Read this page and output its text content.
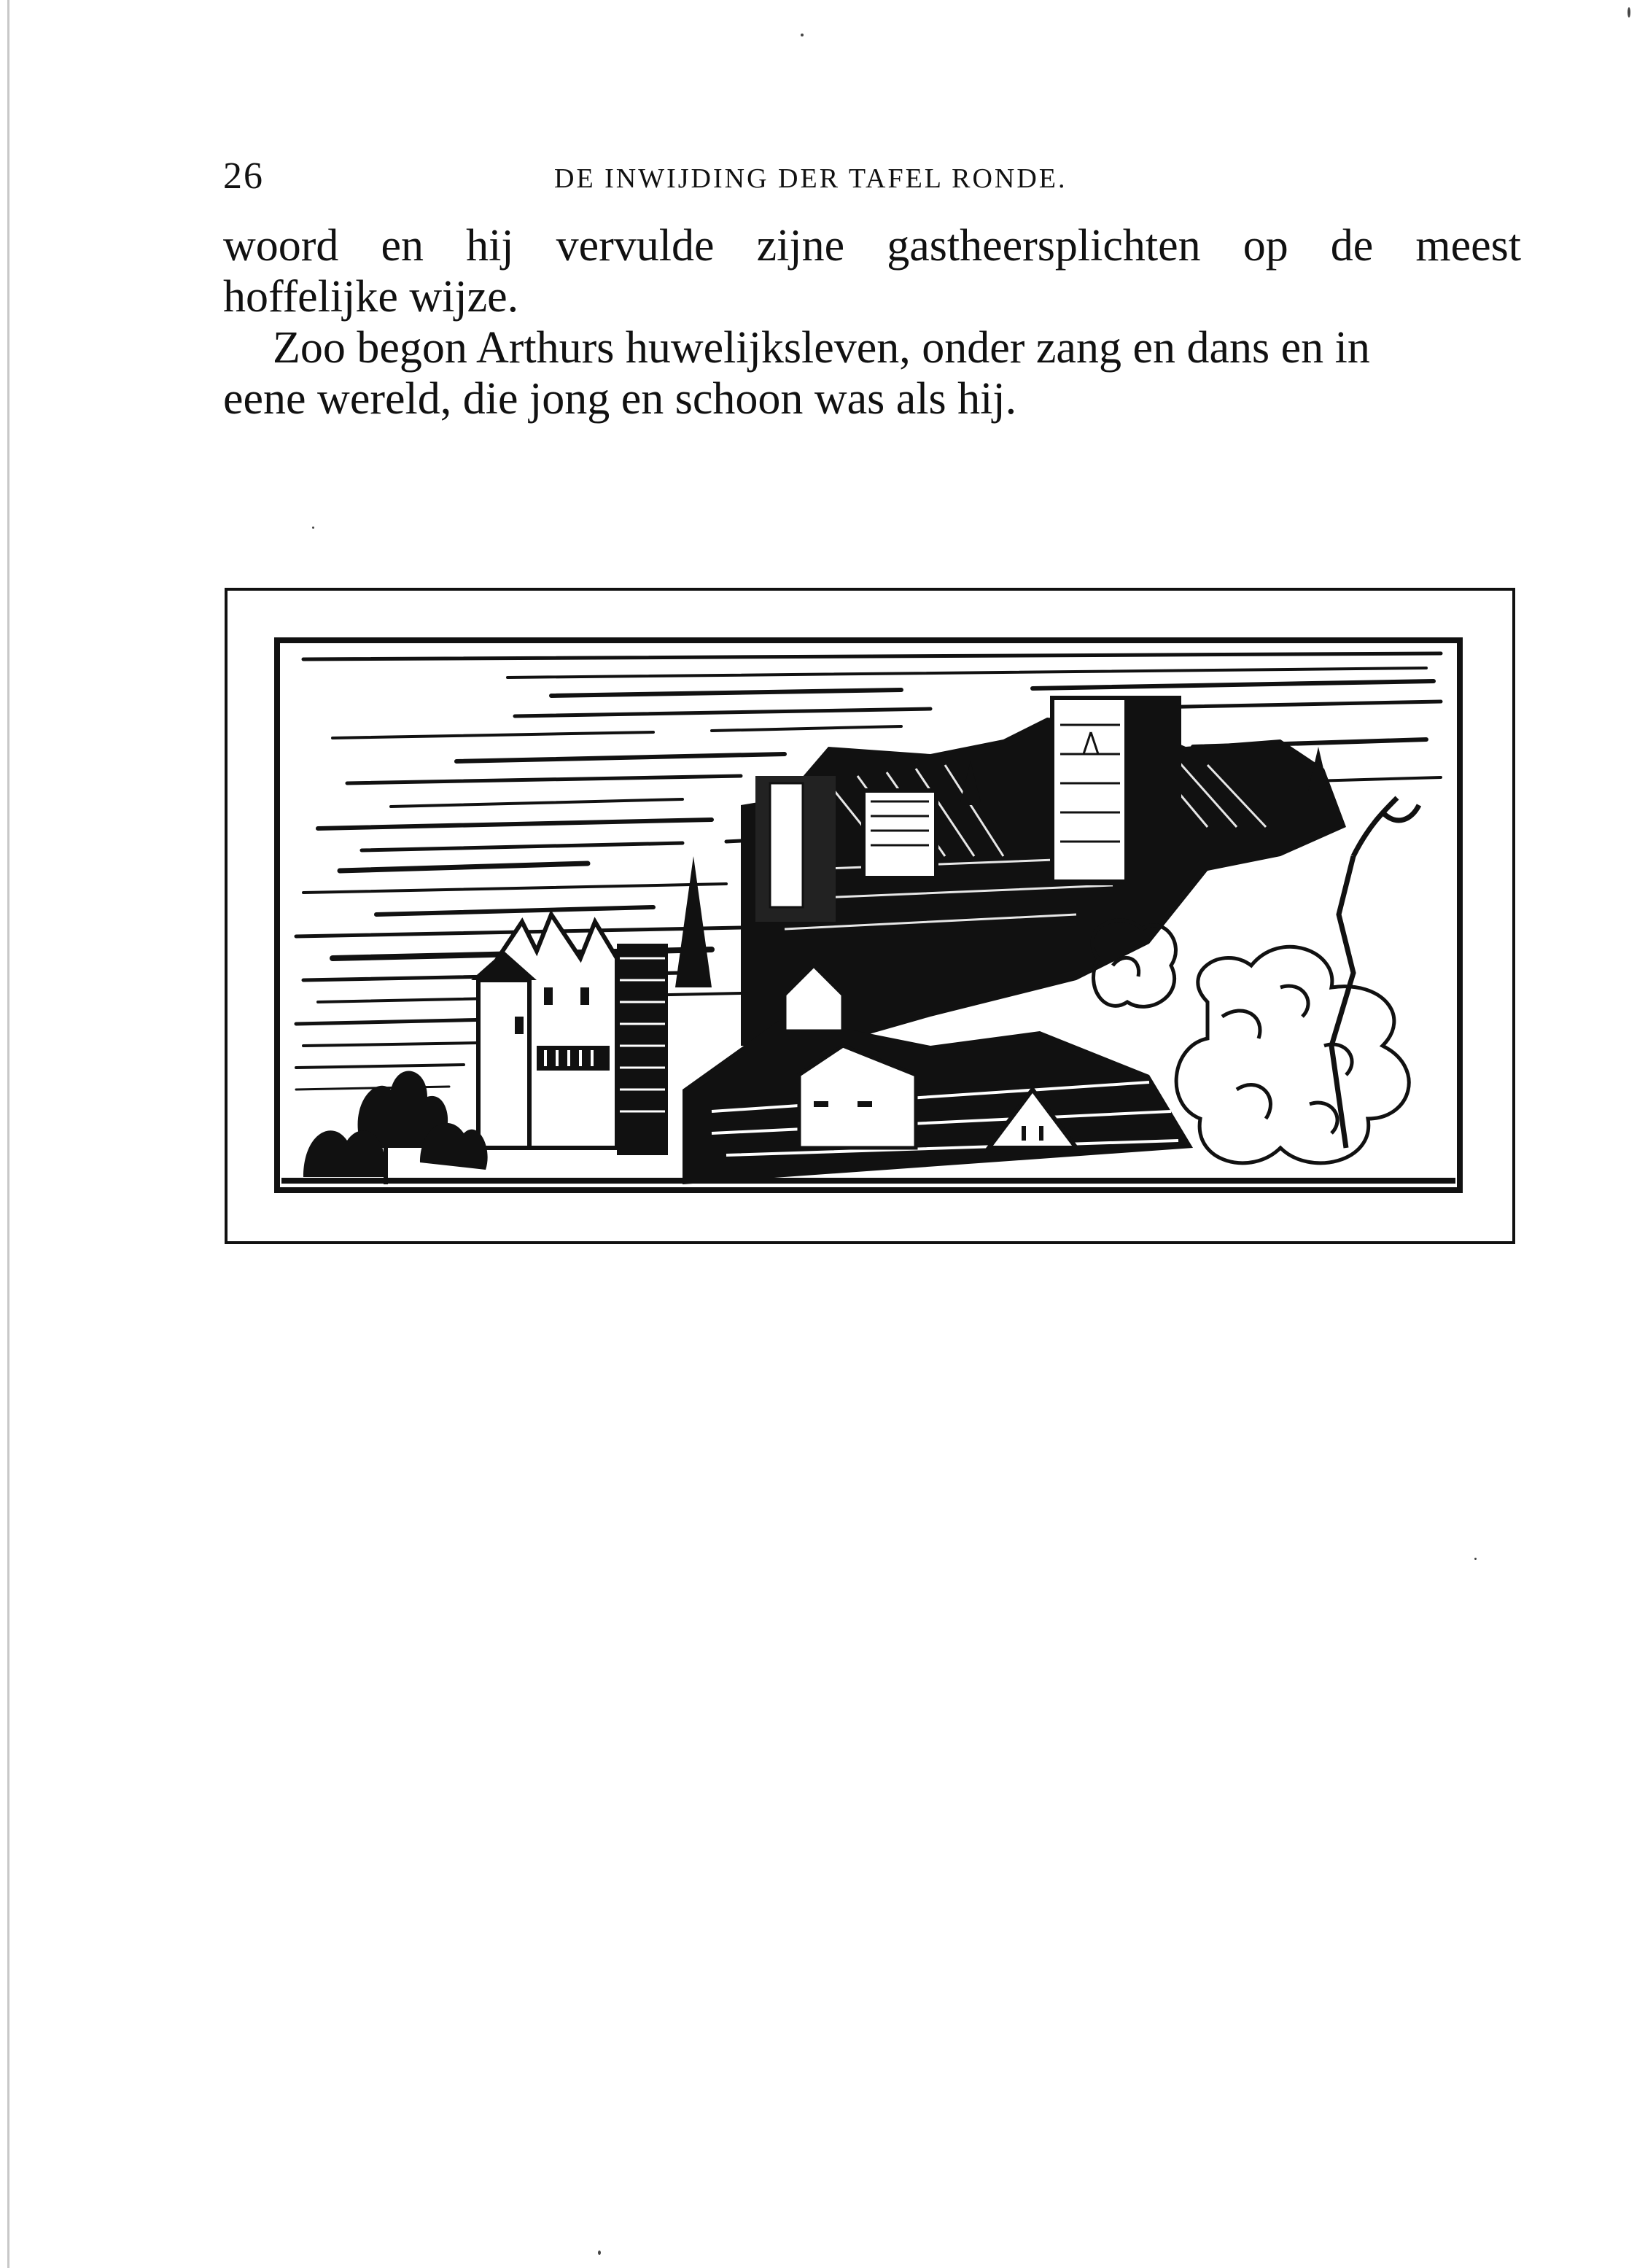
26	DE INWIJDING DER TAFEL RONDE.
woord en hij vervulde zijne gastheersplichten op de meest
hoffelijke wijze.
Zoo begon Arthurs huwelijksleven, onder zang en dans en in
eene wereld, die jong en schoon was als hij.
